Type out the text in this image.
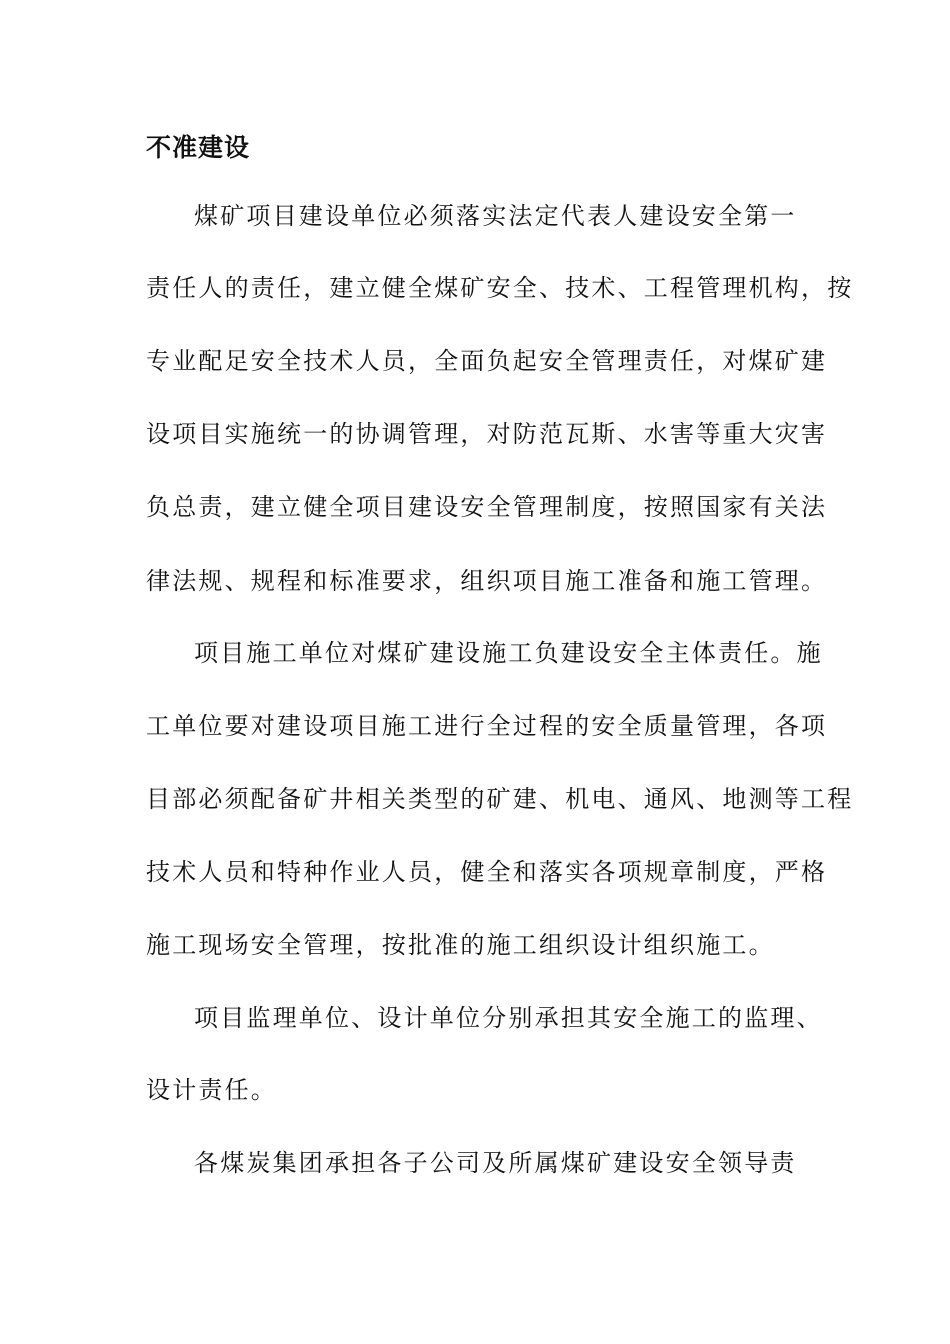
不准建设
煤矿项目建设单位必须落实法定代表人建设安全第一
责任人的责任，建立健全煤矿安全、技术、工程管理机构，按
专业配足安全技术人员，全面负起安全管理责任，对煤矿建
设项目实施统一的协调管理，对防范瓦斯、水害等重大灾害
负总责，建立健全项目建设安全管理制度，按照国家有关法
律法规、规程和标准要求，组织项目施工准备和施工管理。
项目施工单位对煤矿建设施工负建设安全主体责任。施
工单位要对建设项目施工进行全过程的安全质量管理，各项
目部必须配备矿井相关类型的矿建、机电、通风、地测等工程
技术人员和特种作业人员，健全和落实各项规章制度，严格
施工现场安全管理，按批准的施工组织设计组织施工。
项目监理单位、设计单位分别承担其安全施工的监理、
设计责任。
各煤炭集团承担各子公司及所属煤矿建设安全领导责
